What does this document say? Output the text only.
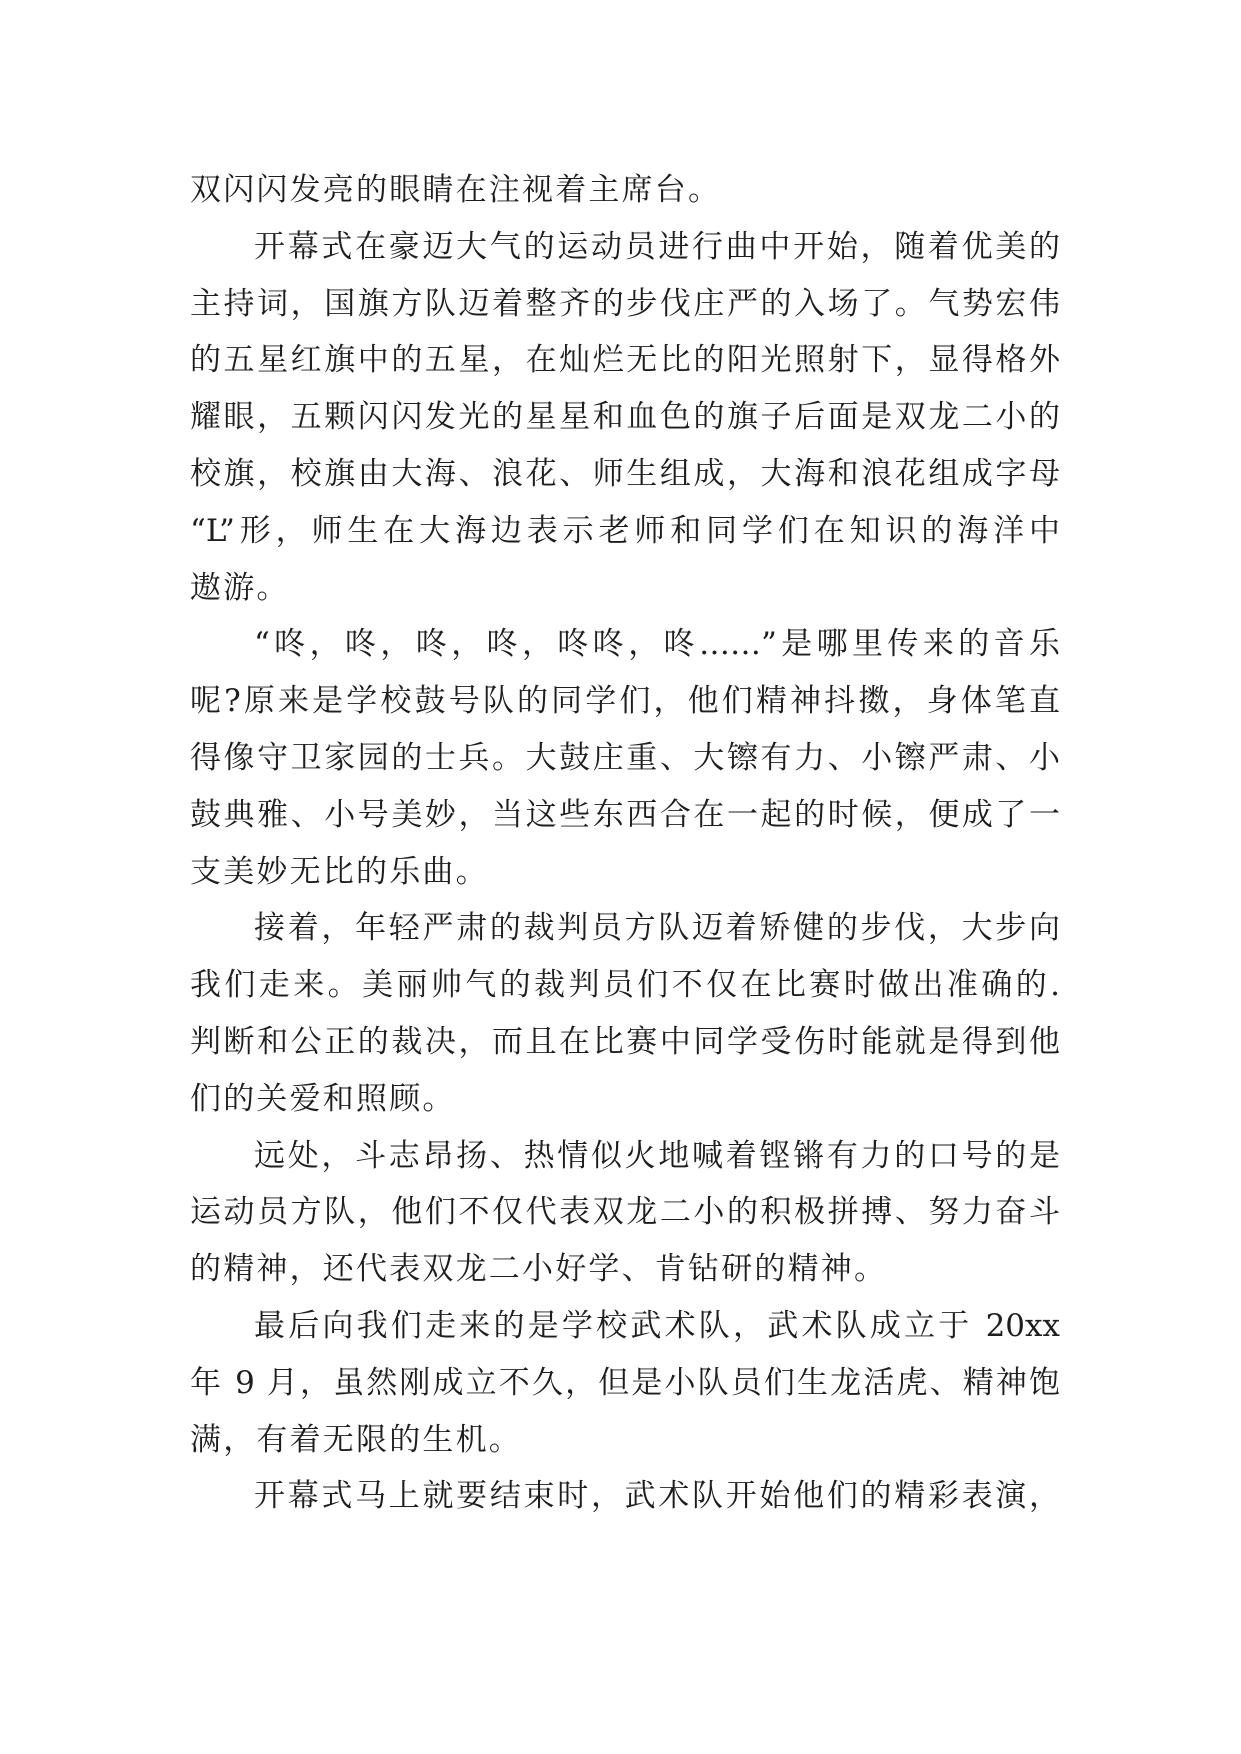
双闪闪发亮的眼睛在注视着主席台。
开幕式在豪迈大气的运动员进行曲中开始，随着优美的
主持词，国旗方队迈着整齐的步伐庄严的入场了。气势宏伟
的五星红旗中的五星，在灿烂无比的阳光照射下，显得格外
耀眼，五颗闪闪发光的星星和血色的旗子后面是双龙二小的
校旗，校旗由大海、浪花、师生组成，大海和浪花组成字母
“L”形，师生在大海边表示老师和同学们在知识的海洋中
遨游。
“咚，咚，咚，咚，咚咚，咚……”是哪里传来的音乐
呢?原来是学校鼓号队的同学们，他们精神抖擞，身体笔直
得像守卫家园的士兵。大鼓庄重、大镲有力、小镲严肃、小
鼓典雅、小号美妙，当这些东西合在一起的时候，便成了一
支美妙无比的乐曲。
接着，年轻严肃的裁判员方队迈着矫健的步伐，大步向
我们走来。美丽帅气的裁判员们不仅在比赛时做出准确的.
判断和公正的裁决，而且在比赛中同学受伤时能就是得到他
们的关爱和照顾。
远处，斗志昂扬、热情似火地喊着铿锵有力的口号的是
运动员方队，他们不仅代表双龙二小的积极拼搏、努力奋斗
的精神，还代表双龙二小好学、肯钻研的精神。
最后向我们走来的是学校武术队，武术队成立于 20xx
年 9 月，虽然刚成立不久，但是小队员们生龙活虎、精神饱
满，有着无限的生机。
开幕式马上就要结束时，武术队开始他们的精彩表演，
